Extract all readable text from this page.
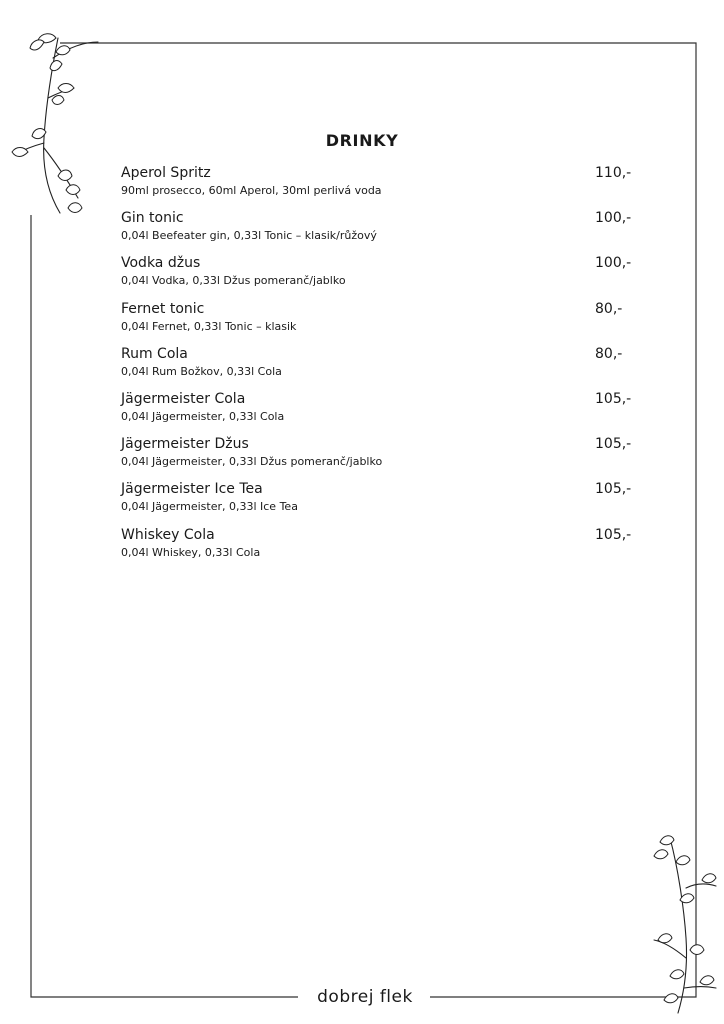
DRINKY
Aperol Spritz
90ml prosecco, 60ml Aperol, 30ml perlivá voda
110,-
Gin tonic
0,04l Beefeater gin, 0,33l Tonic – klasik/růžový
100,-
Vodka džus
0,04l Vodka, 0,33l Džus pomeranč/jablko
100,-
Fernet tonic
0,04l Fernet, 0,33l Tonic – klasik
80,-
Rum Cola
0,04l Rum Božkov, 0,33l Cola
80,-
Jägermeister Cola
0,04l Jägermeister, 0,33l Cola
105,-
Jägermeister Džus
0,04l Jägermeister, 0,33l Džus pomeranč/jablko
105,-
Jägermeister Ice Tea
0,04l Jägermeister, 0,33l Ice Tea
105,-
Whiskey Cola
0,04l Whiskey, 0,33l Cola
105,-
dobrej flek
